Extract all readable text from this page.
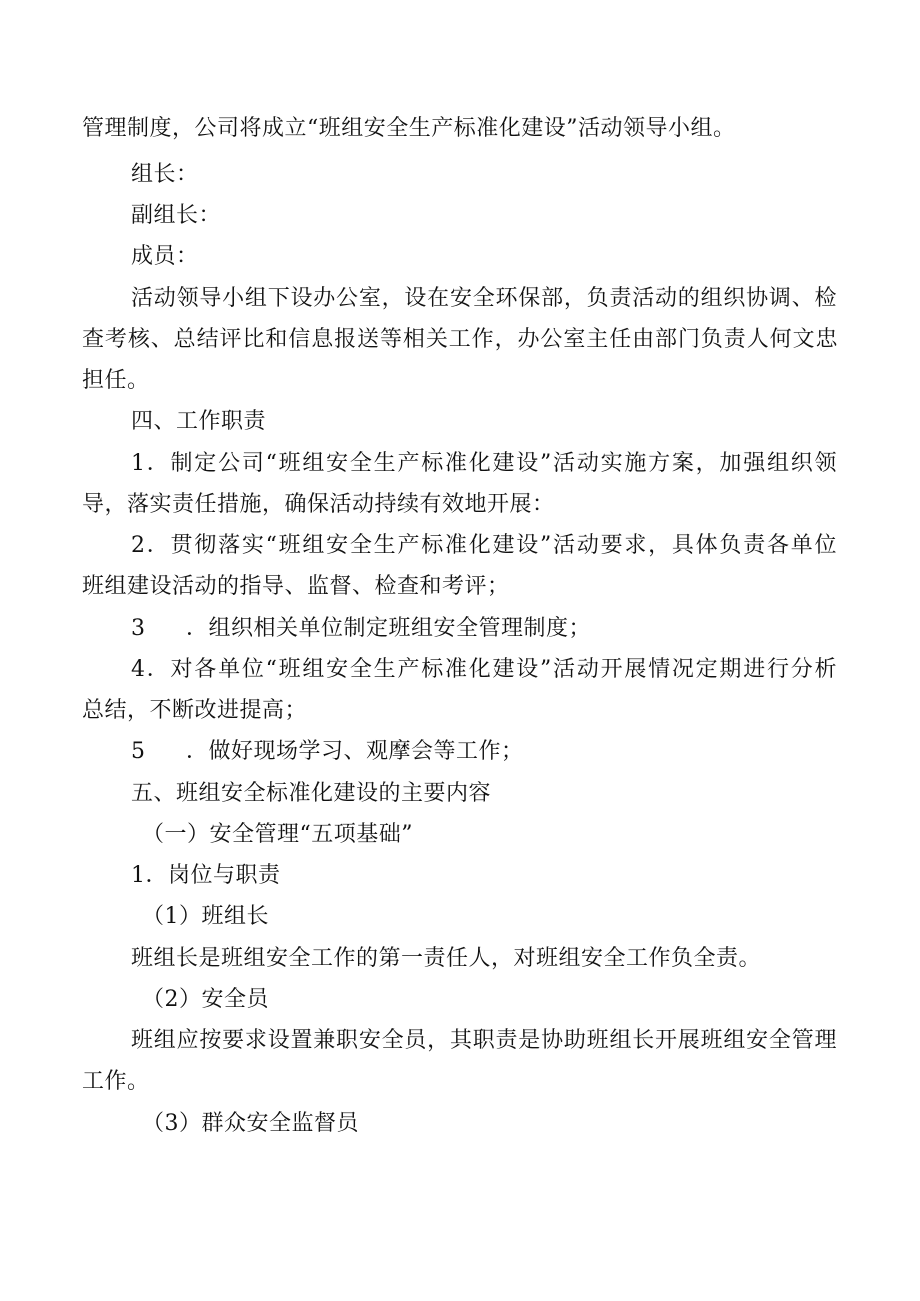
管理制度，公司将成立“班组安全生产标准化建设”活动领导小组。
组长：
副组长：
成员：
活动领导小组下设办公室，设在安全环保部，负责活动的组织协调、检
查考核、总结评比和信息报送等相关工作，办公室主任由部门负责人何文忠
担任。
四、工作职责
1．制定公司“班组安全生产标准化建设”活动实施方案，加强组织领
导，落实责任措施，确保活动持续有效地开展：
2．贯彻落实“班组安全生产标准化建设”活动要求，具体负责各单位
班组建设活动的指导、监督、检查和考评；
3 ．组织相关单位制定班组安全管理制度；
4．对各单位“班组安全生产标准化建设”活动开展情况定期进行分析
总结，不断改进提高；
5 ．做好现场学习、观摩会等工作；
五、班组安全标准化建设的主要内容
（一）安全管理“五项基础”
1．岗位与职责
（1）班组长
班组长是班组安全工作的第一责任人，对班组安全工作负全责。
（2）安全员
班组应按要求设置兼职安全员，其职责是协助班组长开展班组安全管理
工作。
（3）群众安全监督员
